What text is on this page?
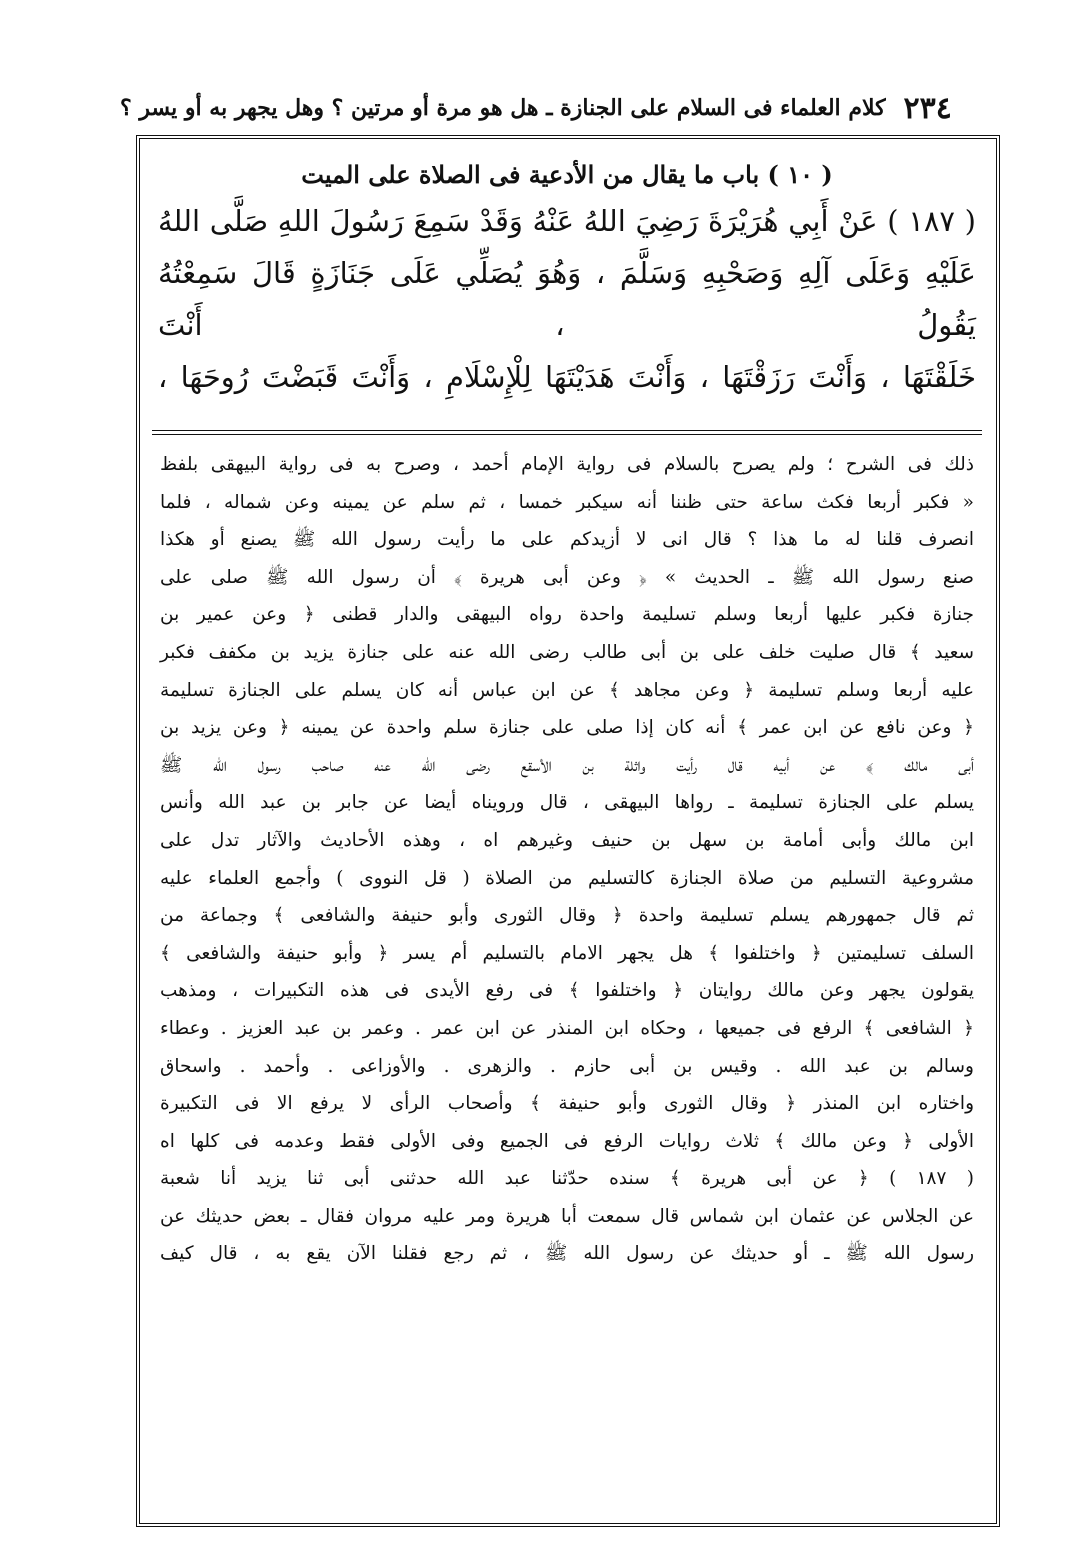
٢٣٤
كلام العلماء فى السلام على الجنازة ـ هل هو مرة أو مرتين ؟ وهل يجهر به أو يسر ؟
( ١٠ ) باب ما يقال من الأدعية فى الصلاة على الميت

( ١٨٧ ) عَنْ أَبِي هُرَيْرَةَ رَضِيَ اللهُ عَنْهُ وَقَدْ سَمِعَ رَسُولَ اللهِ صَلَّى اللهُ

عَلَيْهِ وَعَلَى آلِهِ وَصَحْبِهِ وَسَلَّمَ ، وَهُوَ يُصَلِّي عَلَى جَنَازَةٍ قَالَ سَمِعْتُهُ يَقُولُ ، أَنْتَ

خَلَقْتَهَا ، وَأَنْتَ رَزَقْتَهَا ، وَأَنْتَ هَدَيْتَهَا لِلْإِسْلَامِ ، وَأَنْتَ قَبَضْتَ رُوحَهَا ،

ذلك فى الشرح ؛ ولم يصرح بالسلام فى رواية الإمام أحمد ، وصرح به فى رواية البيهقى بلفظ

« فكبر أربعا فكث ساعة حتى ظننا أنه سيكبر خمسا ، ثم سلم عن يمينه وعن شماله ، فلما

انصرف قلنا له ما هذا ؟ قال انى لا أزيدكم على ما رأيت رسول الله ﷺ يصنع أو هكذا

صنع رسول الله ﷺ ـ الحديث » ﴿ وعن أبى هريرة ﴾ أن رسول الله ﷺ صلى على

جنازة فكبر عليها أربعا وسلم تسليمة واحدة رواه البيهقى والدار قطنى ﴿ وعن عمير بن

سعيد ﴾ قال صليت خلف على بن أبى طالب رضى الله عنه على جنازة يزيد بن مكفف فكبر

عليه أربعا وسلم تسليمة ﴿ وعن مجاهد ﴾ عن ابن عباس أنه كان يسلم على الجنازة تسليمة

﴿ وعن نافع عن ابن عمر ﴾ أنه كان إذا صلى على جنازة سلم واحدة عن يمينه ﴿ وعن يزيد بن

أبى مالك ﴾ عن أبيه قال رأيت واثلة بن الأسقع رضى الله عنه صاحب رسول الله ﷺ

يسلم على الجنازة تسليمة ـ رواها البيهقى ، قال ورويناه أيضا عن جابر بن عبد الله وأنس

ابن مالك وأبى أمامة بن سهل بن حنيف وغيرهم اه ، وهذه الأحاديث والآثار تدل على

مشروعية التسليم من صلاة الجنازة كالتسليم من الصلاة ( قل النووى ) وأجمع العلماء عليه

ثم قال جمهورهم يسلم تسليمة واحدة ﴿ وقال الثورى وأبو حنيفة والشافعى ﴾ وجماعة من

السلف تسليمتين ﴿ واختلفوا ﴾ هل يجهر الامام بالتسليم أم يسر ﴿ وأبو حنيفة والشافعى ﴾

يقولون يجهر وعن مالك روايتان ﴿ واختلفوا ﴾ فى رفع الأيدى فى هذه التكبيرات ، ومذهب

﴿ الشافعى ﴾ الرفع فى جميعها ، وحكاه ابن المنذر عن ابن عمر . وعمر بن عبد العزيز . وعطاء

وسالم بن عبد الله . وقيس بن أبى حازم . والزهرى . والأوزاعى . وأحمد . واسحاق

واختاره ابن المنذر ﴿ وقال الثورى وأبو حنيفة ﴾ وأصحاب الرأى لا يرفع الا فى التكبيرة

الأولى ﴿ وعن مالك ﴾ ثلاث روايات الرفع فى الجميع وفى الأولى فقط وعدمه فى كلها اه

( ١٨٧ ) ﴿ عن أبى هريرة ﴾ سنده حدّثنا عبد الله حدثنى أبى ثنا يزيد أنا شعبة

عن الجلاس عن عثمان ابن شماس قال سمعت أبا هريرة ومر عليه مروان فقال ـ بعض حديثك عن

رسول الله ﷺ ـ أو حديثك عن رسول الله ﷺ ، ثم رجع فقلنا الآن يقع به ، قال كيف
